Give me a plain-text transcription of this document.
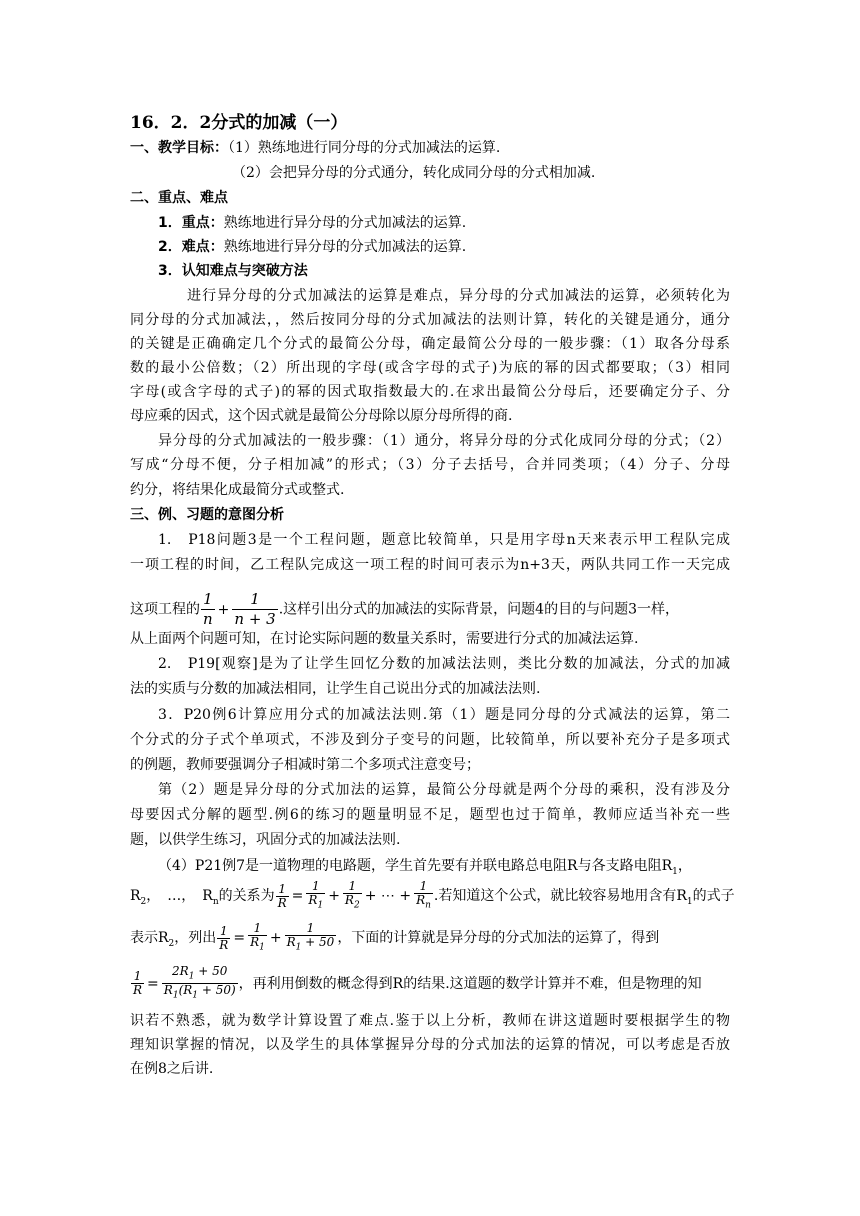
16．2．2分式的加减（一）
一、教学目标：（1）熟练地进行同分母的分式加减法的运算.
（2）会把异分母的分式通分，转化成同分母的分式相加减.
二、重点、难点
1．重点：熟练地进行异分母的分式加减法的运算.
2．难点：熟练地进行异分母的分式加减法的运算.
3．认知难点与突破方法
进行异分母的分式加减法的运算是难点，异分母的分式加减法的运算，必须转化为
同分母的分式加减法，，然后按同分母的分式加减法的法则计算，转化的关键是通分，通分
的关键是正确确定几个分式的最简公分母，确定最简公分母的一般步骤：（1）取各分母系
数的最小公倍数；（2）所出现的字母(或含字母的式子)为底的幂的因式都要取；（3）相同
字母(或含字母的式子)的幂的因式取指数最大的.在求出最简公分母后，还要确定分子、分
母应乘的因式，这个因式就是最简公分母除以原分母所得的商.
异分母的分式加减法的一般步骤：（1）通分，将异分母的分式化成同分母的分式；（2）
写成“分母不便，分子相加减”的形式；（3）分子去括号，合并同类项；（4）分子、分母
约分，将结果化成最简分式或整式.
三、例、习题的意图分析
1.　P18问题3是一个工程问题，题意比较简单，只是用字母n天来表示甲工程队完成
一项工程的时间，乙工程队完成这一项工程的时间可表示为n+3天，两队共同工作一天完成
这项工程的 $\frac{1}{n} + \frac{1}{n + 3}$ .这样引出分式的加减法的实际背景，问题4的目的与问题3一样，
从上面两个问题可知，在讨论实际问题的数量关系时，需要进行分式的加减法运算.
2.　P19[观察]是为了让学生回忆分数的加减法法则，类比分数的加减法，分式的加减
法的实质与分数的加减法相同，让学生自己说出分式的加减法法则.
3．P20例6计算应用分式的加减法法则.第（1）题是同分母的分式减法的运算，第二
个分式的分子式个单项式，不涉及到分子变号的问题，比较简单，所以要补充分子是多项式
的例题，教师要强调分子相减时第二个多项式注意变号；
第（2）题是异分母的分式加法的运算，最简公分母就是两个分母的乘积，没有涉及分
母要因式分解的题型.例6的练习的题量明显不足，题型也过于简单，教师应适当补充一些
题，以供学生练习，巩固分式的加减法法则.
（4）P21例7是一道物理的电路题，学生首先要有并联电路总电阻R与各支路电阻$R_1$，
$R_2$，　…，　$R_n$的关系为 $\frac{1}{R} = \frac{1}{R_1} + \frac{1}{R_2}$ + ⋯ + $\frac{1}{R_n}$ .若知道这个公式，就比较容易地用含有$R_1$的式子
表示$R_2$，列出 $\frac{1}{R} = \frac{1}{R_1} + \frac{1}{R_1 + 50}$ ，下面的计算就是异分母的分式加法的运算了，得到
$\frac{1}{R} = \frac{2R_1 + 50}{R_1(R_1 + 50)}$ ，再利用倒数的概念得到R的结果.这道题的数学计算并不难，但是物理的知
识若不熟悉，就为数学计算设置了难点.鉴于以上分析，教师在讲这道题时要根据学生的物
理知识掌握的情况，以及学生的具体掌握异分母的分式加法的运算的情况，可以考虑是否放
在例8之后讲.
